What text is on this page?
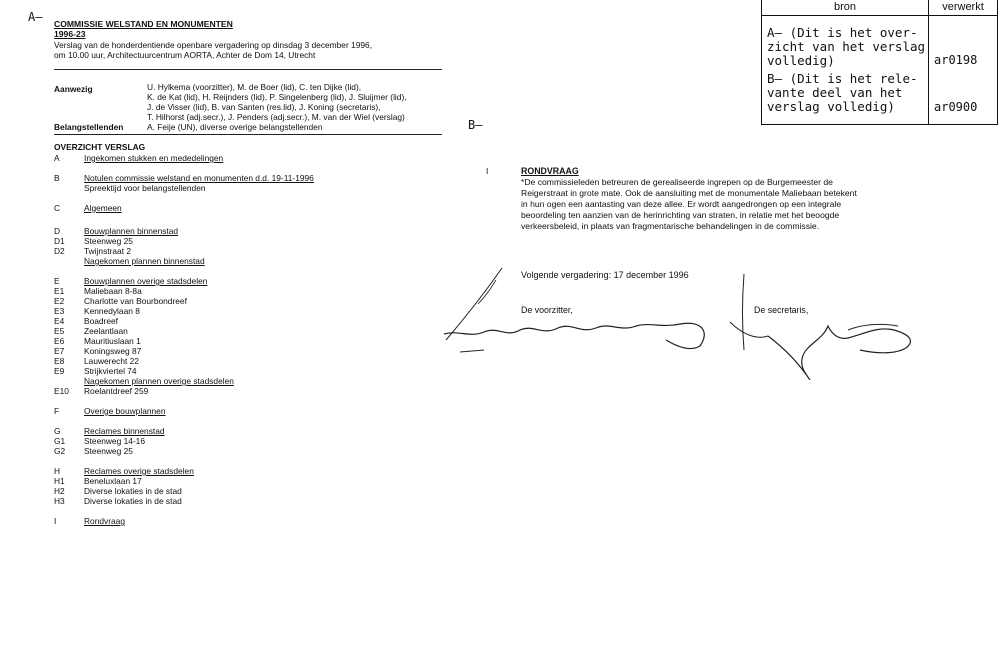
A— COMMISSIE WELSTAND EN MONUMENTEN
1996-23
Verslag van de honderdentiende openbare vergadering op dinsdag 3 december 1996,
om 10.00 uur, Architectuurcentrum AORTA, Achter de Dom 14, Utrecht
Aanwezig	U. Hylkema (voorzitter), M. de Boer (lid), C. ten Dijke (lid),
K. de Kat (lid), H. Reijnders (lid), P. Singelenberg (lid), J. Sluijmer (lid),
J. de Visser (lid), B. van Santen (res.lid), J. Koning (secretaris),
T. Hilhorst (adj.secr.), J. Penders (adj.secr.), M. van der Wiel (verslag)
Belangstellenden	A. Feije (UN), diverse overige belangstellenden
OVERZICHT VERSLAG
A	Ingekomen stukken en mededelingen
B	Notulen commissie welstand en monumenten d.d. 19-11-1996
Spreektijd voor belangstellenden
C	Algemeen
D	Bouwplannen binnenstad
D1 Steenweg 25
D2 Twijnstraat 2
Nagekomen plannen binnenstad
E	Bouwplannen overige stadsdelen
E1 Maliebaan 8-8a
E2 Charlotte van Bourbondreef
E3 Kennedylaan 8
E4 Boadreef
E5 Zeelantlaan
E6 Mauritiuslaan 1
E7 Koningsweg 87
E8 Lauwerecht 22
E9 Strijkviertel 74
Nagekomen plannen overige stadsdelen
E10 Roelantdreef 259
F	Overige bouwplannen
G	Reclames binnenstad
G1 Steenweg 14-16
G2 Steenweg 25
H	Reclames overige stadsdelen
H1 Beneluxlaan 17
H2 Diverse lokaties in de stad
H3 Diverse lokaties in de stad
I	Rondvraag
B—
I	RONDVRAAG
*De commissieleden betreuren de gerealiseerde ingrepen op de Burgemeester de
Reigerstraat in grote mate. Ook de aansluiting met de monumentale Maliebaan betekent
in hun ogen een aantasting van deze allee. Er wordt aangedrongen op een integrale
beoordeling ten aanzien van de herinrichting van straten, in relatie met het beoogde
verkeersbeleid, in plaats van fragmentarische behandelingen in de commissie.
Volgende vergadering: 17 december 1996
De voorzitter,	De secretaris,
bron	verwerkt
A— (Dit is het over-
zicht van het verslag
volledig)	ar0198
B— (Dit is het rele-
vante deel van het
verslag volledig)	ar0900
